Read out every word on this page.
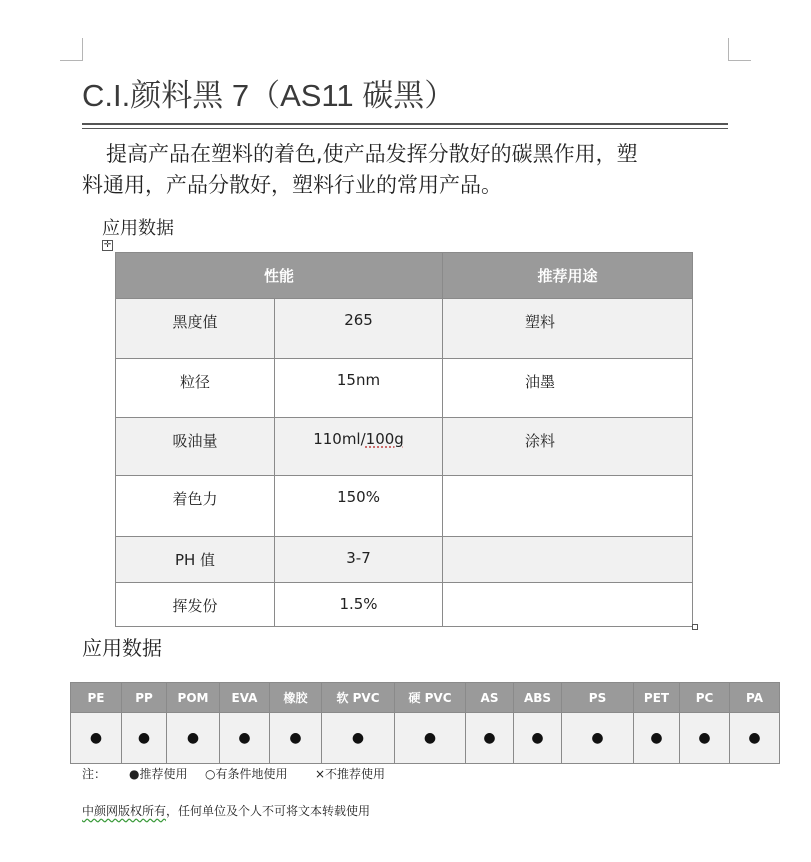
C.I.颜料黑 7（AS11 碳黑）
提高产品在塑料的着色,使产品发挥分散好的碳黑作用，塑
料通用，产品分散好，塑料行业的常用产品。
应用数据
✛
性能		推荐用途
黑度值	265	塑料
粒径	15nm	油墨
吸油量	110ml/100g	涂料
着色力	150%	
PH 值	3-7	
挥发份	1.5%	
应用数据
PE	PP	POM	EVA	橡胶	软 PVC	硬 PVC	AS	ABS	PS	PET	PC	PA
●	●	●	●	●	●	●	●	●	●	●	●	●
注： ●推荐使用 ○有条件地使用 ×不推荐使用
中颜网版权所有，任何单位及个人不可将文本转载使用
